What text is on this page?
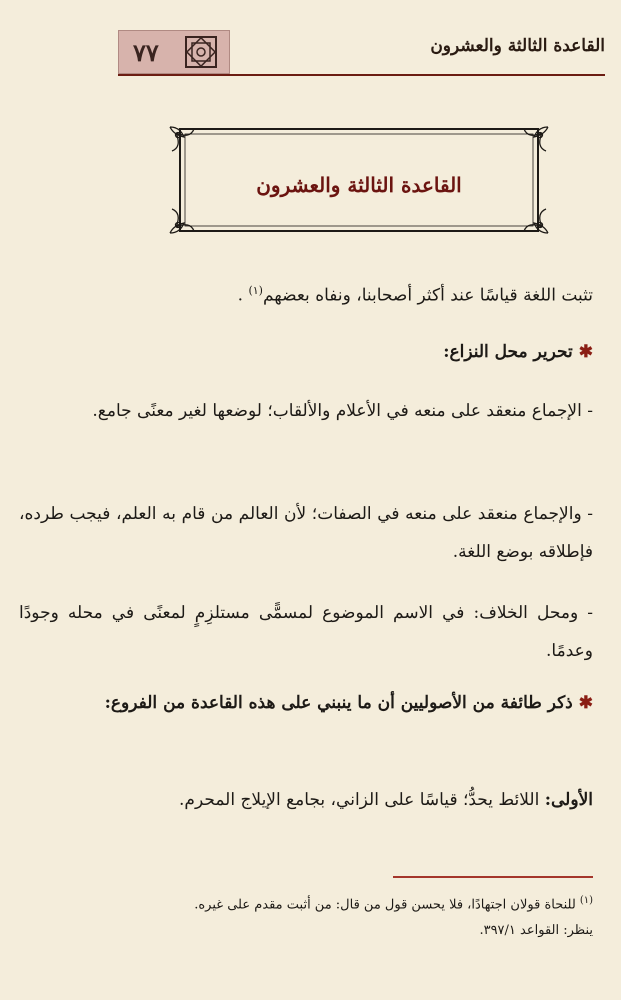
القاعدة الثالثة والعشرون
٧٧
القاعدة الثالثة والعشرون
تثبت اللغة قياسًا عند أكثر أصحابنا، ونفاه بعضهم$^{(١)}$ .
✱تحرير محل النزاع:
- الإجماع منعقد على منعه في الأعلام والألقاب؛ لوضعها لغير معنًى جامع.
- والإجماع منعقد على منعه في الصفات؛ لأن العالم من قام به العلم، فيجب طرده، فإطلاقه بوضع اللغة.
- ومحل الخلاف: في الاسم الموضوع لمسمًّى مستلزِمٍ لمعنًى في محله وجودًا وعدمًا.
✱ذكر طائفة من الأصوليين أن ما ينبني على هذه القاعدة من الفروع:
الأولى: اللائط يحدُّ؛ قياسًا على الزاني، بجامع الإيلاج المحرم.
$^{(١)}$للنحاة قولان اجتهادًا، فلا يحسن قول من قال: من أثبت مقدم على غيره.
ينظر: القواعد ٣٩٧/١.
